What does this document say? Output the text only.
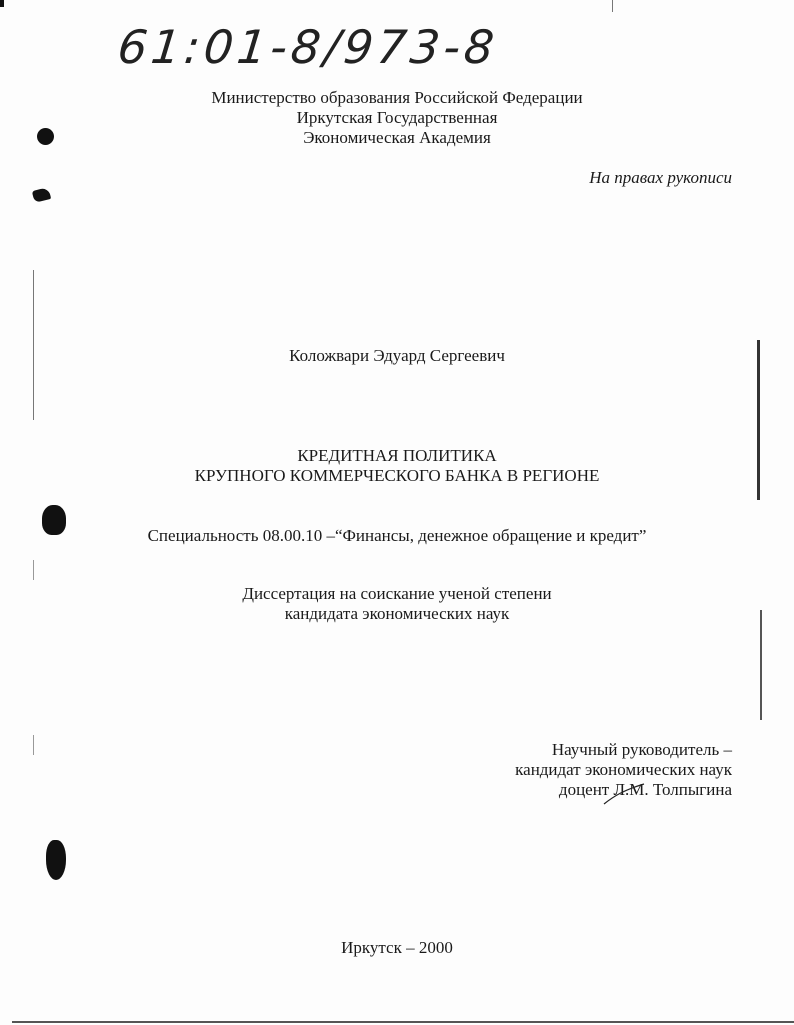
61:01-8/973-8
Министерство образования Российской Федерации
Иркутская Государственная
Экономическая Академия
На правах рукописи
Коложвари Эдуард Сергеевич
КРЕДИТНАЯ ПОЛИТИКА
КРУПНОГО КОММЕРЧЕСКОГО БАНКА В РЕГИОНЕ
Специальность 08.00.10 –“Финансы, денежное обращение и кредит”
Диссертация на соискание ученой степени
кандидата экономических наук
Научный руководитель –
кандидат экономических наук
доцент Л.М. Толпыгина
Иркутск – 2000
